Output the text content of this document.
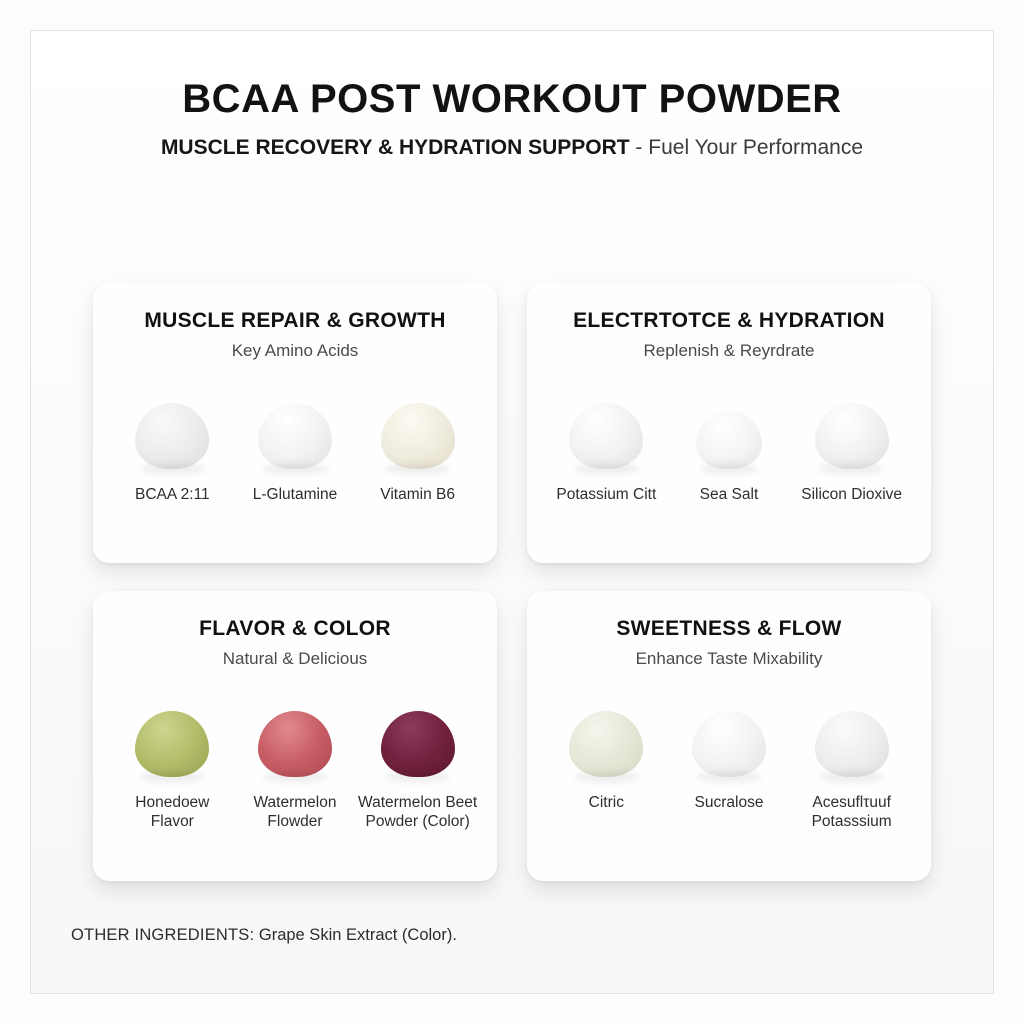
BCAA POST WORKOUT POWDER

MUSCLE RECOVERY & HYDRATION SUPPORT - Fuel Your Performance

MUSCLE REPAIR & GROWTH

Key Amino Acids

BCAA 2:11	L-Glutamine	Vitamin B6
ELECTRTOTCE & HYDRATION

Replenish & Reyrdrate

Potassium Citt	Sea Salt	Silicon Dioxive
FLAVOR & COLOR

Natural & Delicious

Honedoew Flavor
Watermelon Flowder
Watermelon Beet Powder (Color)
SWEETNESS & FLOW

Enhance Taste Mixability

Citric	Sucralose	Acesuflτuuf Potasssium
OTHER INGREDIENTS: Grape Skin Extract (Color).
